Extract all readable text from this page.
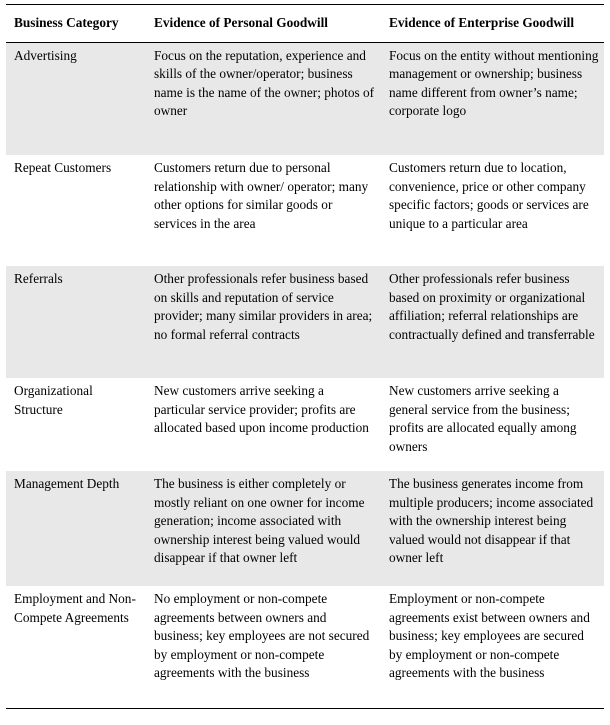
Business Category	Evidence of Personal Goodwill	Evidence of Enterprise Goodwill
Advertising	Focus on the reputation, experience and skills of the owner/operator; business name is the name of the owner; photos of owner	Focus on the entity without mentioning management or ownership; business name different from owner’s name; corporate logo
Repeat Customers	Customers return due to personal relationship with owner/ operator; many other options for similar goods or services in the area	Customers return due to location, convenience, price or other company specific factors; goods or services are unique to a particular area
Referrals	Other professionals refer business based on skills and reputation of service provider; many similar providers in area; no formal referral contracts	Other professionals refer business based on proximity or organizational affiliation; referral relationships are contractually defined and transferrable
Organizational Structure	New customers arrive seeking a particular service provider; profits are allocated based upon income production	New customers arrive seeking a general service from the business; profits are allocated equally among owners
Management Depth	The business is either completely or mostly reliant on one owner for income generation; income associated with ownership interest being valued would disappear if that owner left	The business generates income from multiple producers; income associated with the ownership interest being valued would not disappear if that owner left
Employment and Non-Compete Agreements	No employment or non-compete agreements between owners and business; key employees are not secured by employment or non-compete agreements with the business	Employment or non-compete agreements exist between owners and business; key employees are secured by employment or non-compete agreements with the business
